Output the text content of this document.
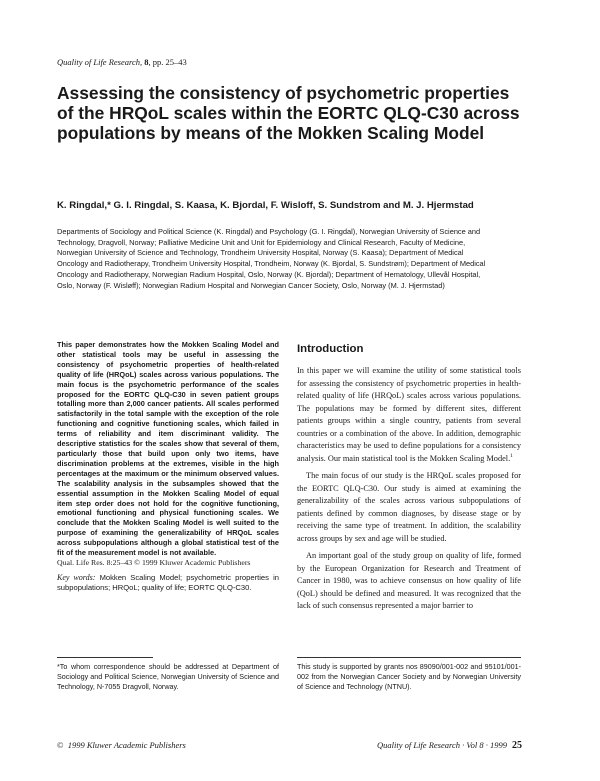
Quality of Life Research, 8, pp. 25–43
Assessing the consistency of psychometric properties of the HRQoL scales within the EORTC QLQ-C30 across populations by means of the Mokken Scaling Model

K. Ringdal,* G. I. Ringdal, S. Kaasa, K. Bjordal, F. Wisloff, S. Sundstrom and M. J. Hjermstad

Departments of Sociology and Political Science (K. Ringdal) and Psychology (G. I. Ringdal), Norwegian University of Science and Technology, Dragvoll, Norway; Palliative Medicine Unit and Unit for Epidemiology and Clinical Research, Faculty of Medicine, Norwegian University of Science and Technology, Trondheim University Hospital, Norway (S. Kaasa); Department of Medical Oncology and Radiotherapy, Trondheim University Hospital, Trondheim, Norway (K. Bjordal, S. Sundstrøm); Department of Medical Oncology and Radiotherapy, Norwegian Radium Hospital, Oslo, Norway (K. Bjordal); Department of Hematology, Ullevål Hospital, Oslo, Norway (F. Wisløff); Norwegian Radium Hospital and Norwegian Cancer Society, Oslo, Norway (M. J. Hjermstad)

This paper demonstrates how the Mokken Scaling Model and other statistical tools may be useful in assessing the consistency of psychometric properties of health-related quality of life (HRQoL) scales across various populations. The main focus is the psychometric performance of the scales proposed for the EORTC QLQ-C30 in seven patient groups totalling more than 2,000 cancer patients. All scales performed satisfactorily in the total sample with the exception of the role functioning and cognitive functioning scales, which failed in terms of reliability and item discriminant validity. The descriptive statistics for the scales show that several of them, particularly those that build upon only two items, have discrimination problems at the extremes, visible in the high percentages at the maximum or the minimum observed values. The scalability analysis in the subsamples showed that the essential assumption in the Mokken Scaling Model of equal item step order does not hold for the cognitive functioning, emotional functioning and physical functioning scales. We conclude that the Mokken Scaling Model is well suited to the purpose of examining the generalizability of HRQoL scales across subpopulations although a global statistical test of the fit of the measurement model is not available.

Qual. Life Res. 8:25–43 © 1999 Kluwer Academic Publishers

Key words: Mokken Scaling Model; psychometric properties in subpopulations; HRQoL; quality of life; EORTC QLQ-C30.

Introduction

In this paper we will examine the utility of some statistical tools for assessing the consistency of psychometric properties in health-related quality of life (HRQoL) scales across various populations. The populations may be formed by different sites, different patients groups within a single country, patients from several countries or a combination of the above. In addition, demographic characteristics may be used to define populations for a consistency analysis. Our main statistical tool is the Mokken Scaling Model.$^1$

The main focus of our study is the HRQoL scales proposed for the EORTC QLQ-C30. Our study is aimed at examining the generalizability of the scales across various subpopulations of patients defined by common diagnoses, by disease stage or by receiving the same type of treatment. In addition, the scalability across groups by sex and age will be studied.

An important goal of the study group on quality of life, formed by the European Organization for Research and Treatment of Cancer in 1980, was to achieve consensus on how quality of life (QoL) should be defined and measured. It was recognized that the lack of such consensus represented a major barrier to

*To whom correspondence should be addressed at Department of Sociology and Political Science, Norwegian University of Science and Technology, N-7055 Dragvoll, Norway.

This study is supported by grants nos 89090/001-002 and 95101/001-002 from the Norwegian Cancer Society and by Norwegian University of Science and Technology (NTNU).

© 1999 Kluwer Academic Publishers	Quality of Life Research · Vol 8 · 1999 25
